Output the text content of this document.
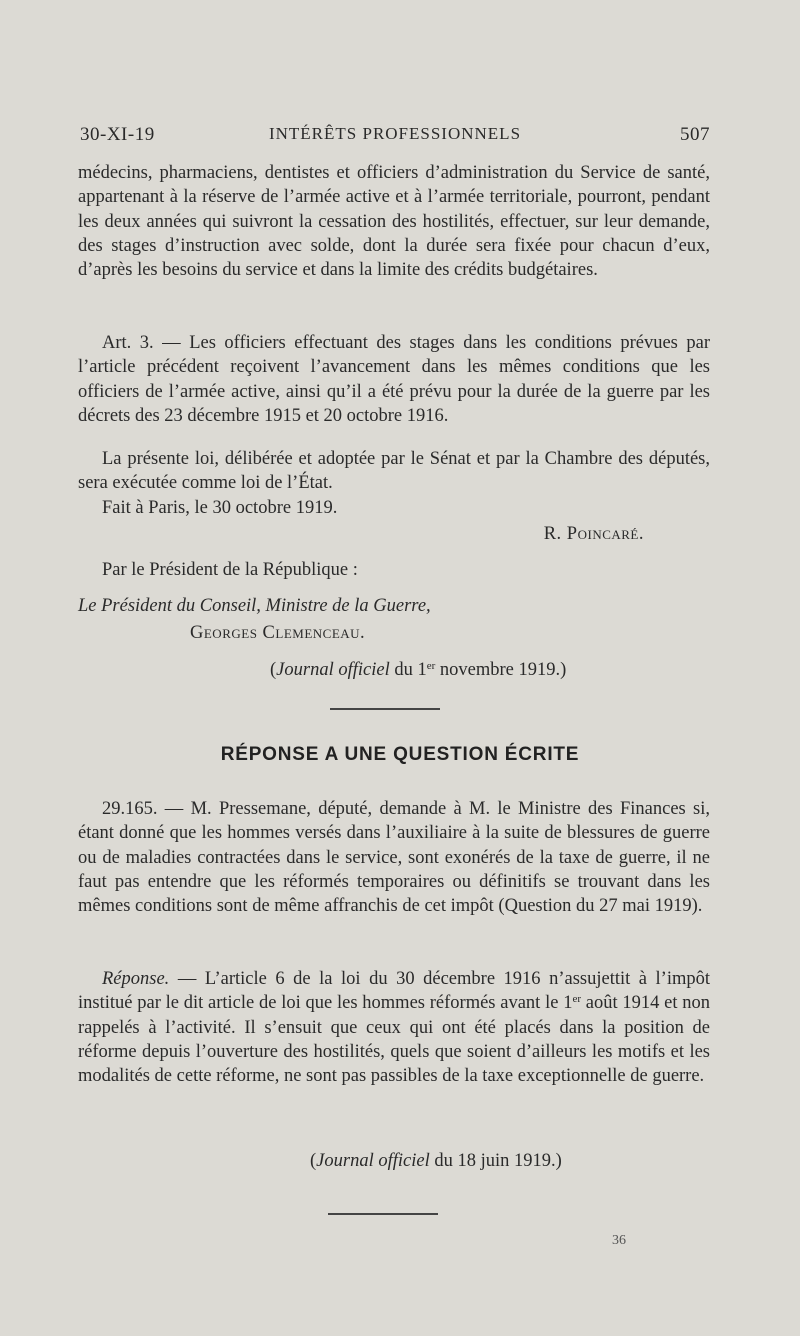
30-XI-19	INTÉRÊTS PROFESSIONNELS	507

médecins, pharmaciens, dentistes et officiers d’administration du Service de santé, appartenant à la réserve de l’armée active et à l’armée territoriale, pourront, pendant les deux années qui suivront la cessation des hostilités, effectuer, sur leur demande, des stages d’instruction avec solde, dont la durée sera fixée pour chacun d’eux, d’après les besoins du service et dans la limite des crédits budgétaires.

Art. 3. — Les officiers effectuant des stages dans les conditions prévues par l’article précédent reçoivent l’avancement dans les mêmes conditions que les officiers de l’armée active, ainsi qu’il a été prévu pour la durée de la guerre par les décrets des 23 décembre 1915 et 20 octobre 1916.

La présente loi, délibérée et adoptée par le Sénat et par la Chambre des députés, sera exécutée comme loi de l’État.

Fait à Paris, le 30 octobre 1919.

R. Poincaré.

Par le Président de la République :

Le Président du Conseil, Ministre de la Guerre,

Georges Clemenceau.

(Journal officiel du 1er novembre 1919.)

RÉPONSE A UNE QUESTION ÉCRITE

29.165. — M. Pressemane, député, demande à M. le Ministre des Finances si, étant donné que les hommes versés dans l’auxiliaire à la suite de blessures de guerre ou de maladies contractées dans le service, sont exonérés de la taxe de guerre, il ne faut pas entendre que les réformés temporaires ou définitifs se trouvant dans les mêmes conditions sont de même affranchis de cet impôt (Question du 27 mai 1919).

Réponse. — L’article 6 de la loi du 30 décembre 1916 n’assujettit à l’impôt institué par le dit article de loi que les hommes réformés avant le 1er août 1914 et non rappelés à l’activité. Il s’ensuit que ceux qui ont été placés dans la position de réforme depuis l’ouverture des hostilités, quels que soient d’ailleurs les motifs et les modalités de cette réforme, ne sont pas passibles de la taxe exceptionnelle de guerre.

(Journal officiel du 18 juin 1919.)

36
